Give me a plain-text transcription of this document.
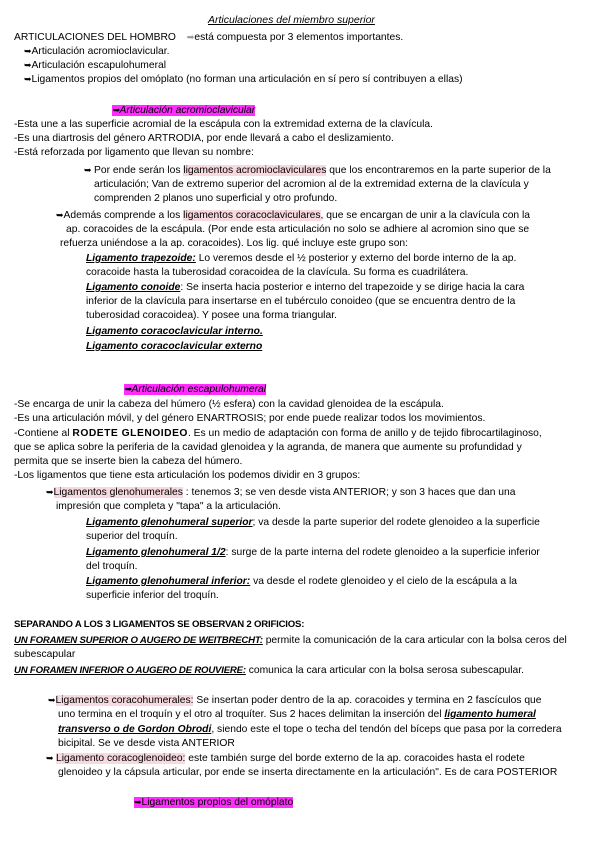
Articulaciones del miembro superior
ARTICULACIONES DEL HOMBRO ➡está compuesta por 3 elementos importantes.
➥Articulación acromioclavicular.
➥Articulación escapulohumeral
➥Ligamentos propios del omóplato (no forman una articulación en sí pero sí contribuyen a ellas)
➥Articulación acromioclavicular
-Esta une a las superficie acromial de la escápula con la extremidad externa de la clavícula.
-Es una diartrosis del género ARTRODIA, por ende llevará a cabo el deslizamiento.
-Está reforzada por ligamento que llevan su nombre:
➥ Por ende serán los ligamentos acromioclaviculares que los encontraremos en la parte superior de la
articulación; Van de extremo superior del acromion al de la extremidad externa de la clavícula y
comprenden 2 planos uno superficial y otro profundo.
➥Además comprende a los ligamentos coracoclaviculares, que se encargan de unir a la clavícula con la
ap. coracoides de la escápula. (Por ende esta articulación no solo se adhiere al acromion sino que se
refuerza uniéndose a la ap. coracoides). Los lig. qué incluye este grupo son:
Ligamento trapezoide: Lo veremos desde el ½ posterior y externo del borde interno de la ap.
coracoide hasta la tuberosidad coracoidea de la clavícula. Su forma es cuadrilátera.
Ligamento conoide: Se inserta hacia posterior e interno del trapezoide y se dirige hacia la cara
inferior de la clavícula para insertarse en el tubérculo conoideo (que se encuentra dentro de la
tuberosidad coracoidea). Y posee una forma triangular.
Ligamento coracoclavicular interno.
Ligamento coracoclavicular externo
➥Articulación escapulohumeral
-Se encarga de unir la cabeza del húmero (½ esfera) con la cavidad glenoidea de la escápula.
-Es una articulación móvil, y del género ENARTROSIS; por ende puede realizar todos los movimientos.
-Contiene al RODETE GLENOIDEO. Es un medio de adaptación con forma de anillo y de tejido fibrocartilaginoso,
que se aplica sobre la periferia de la cavidad glenoidea y la agranda, de manera que aumente su profundidad y
permita que se inserte bien la cabeza del húmero.
-Los ligamentos que tiene esta articulación los podemos dividir en 3 grupos:
➥Ligamentos glenohumerales : tenemos 3; se ven desde vista ANTERIOR; y son 3 haces que dan una
impresión que completa y "tapa" a la articulación.
Ligamento glenohumeral superior; va desde la parte superior del rodete glenoideo a la superficie
superior del troquín.
Ligamento glenohumeral 1/2: surge de la parte interna del rodete glenoideo a la superficie inferior
del troquín.
Ligamento glenohumeral inferior: va desde el rodete glenoideo y el cielo de la escápula a la
superficie inferior del troquín.
SEPARANDO A LOS 3 LIGAMENTOS SE OBSERVAN 2 ORIFICIOS:
UN FORAMEN SUPERIOR O AUGERO DE WEITBRECHT: permite la comunicación de la cara articular con la bolsa ceros del
subescapular
UN FORAMEN INFERIOR O AUGERO DE ROUVIERE: comunica la cara articular con la bolsa serosa subescapular.
➥Ligamentos coracohumerales: Se insertan poder dentro de la ap. coracoides y termina en 2 fascículos que
uno termina en el troquín y el otro al troquíter. Sus 2 haces delimitan la inserción del ligamento humeral
transverso o de Gordon Obrodi, siendo este el tope o techa del tendón del bíceps que pasa por la corredera
bicipital. Se ve desde vista ANTERIOR
➥ Ligamento coracoglenoideo: este también surge del borde externo de la ap. coracoides hasta el rodete
glenoideo y la cápsula articular, por ende se inserta directamente en la articulación". Es de cara POSTERIOR
➥Ligamentos propios del omóplato
